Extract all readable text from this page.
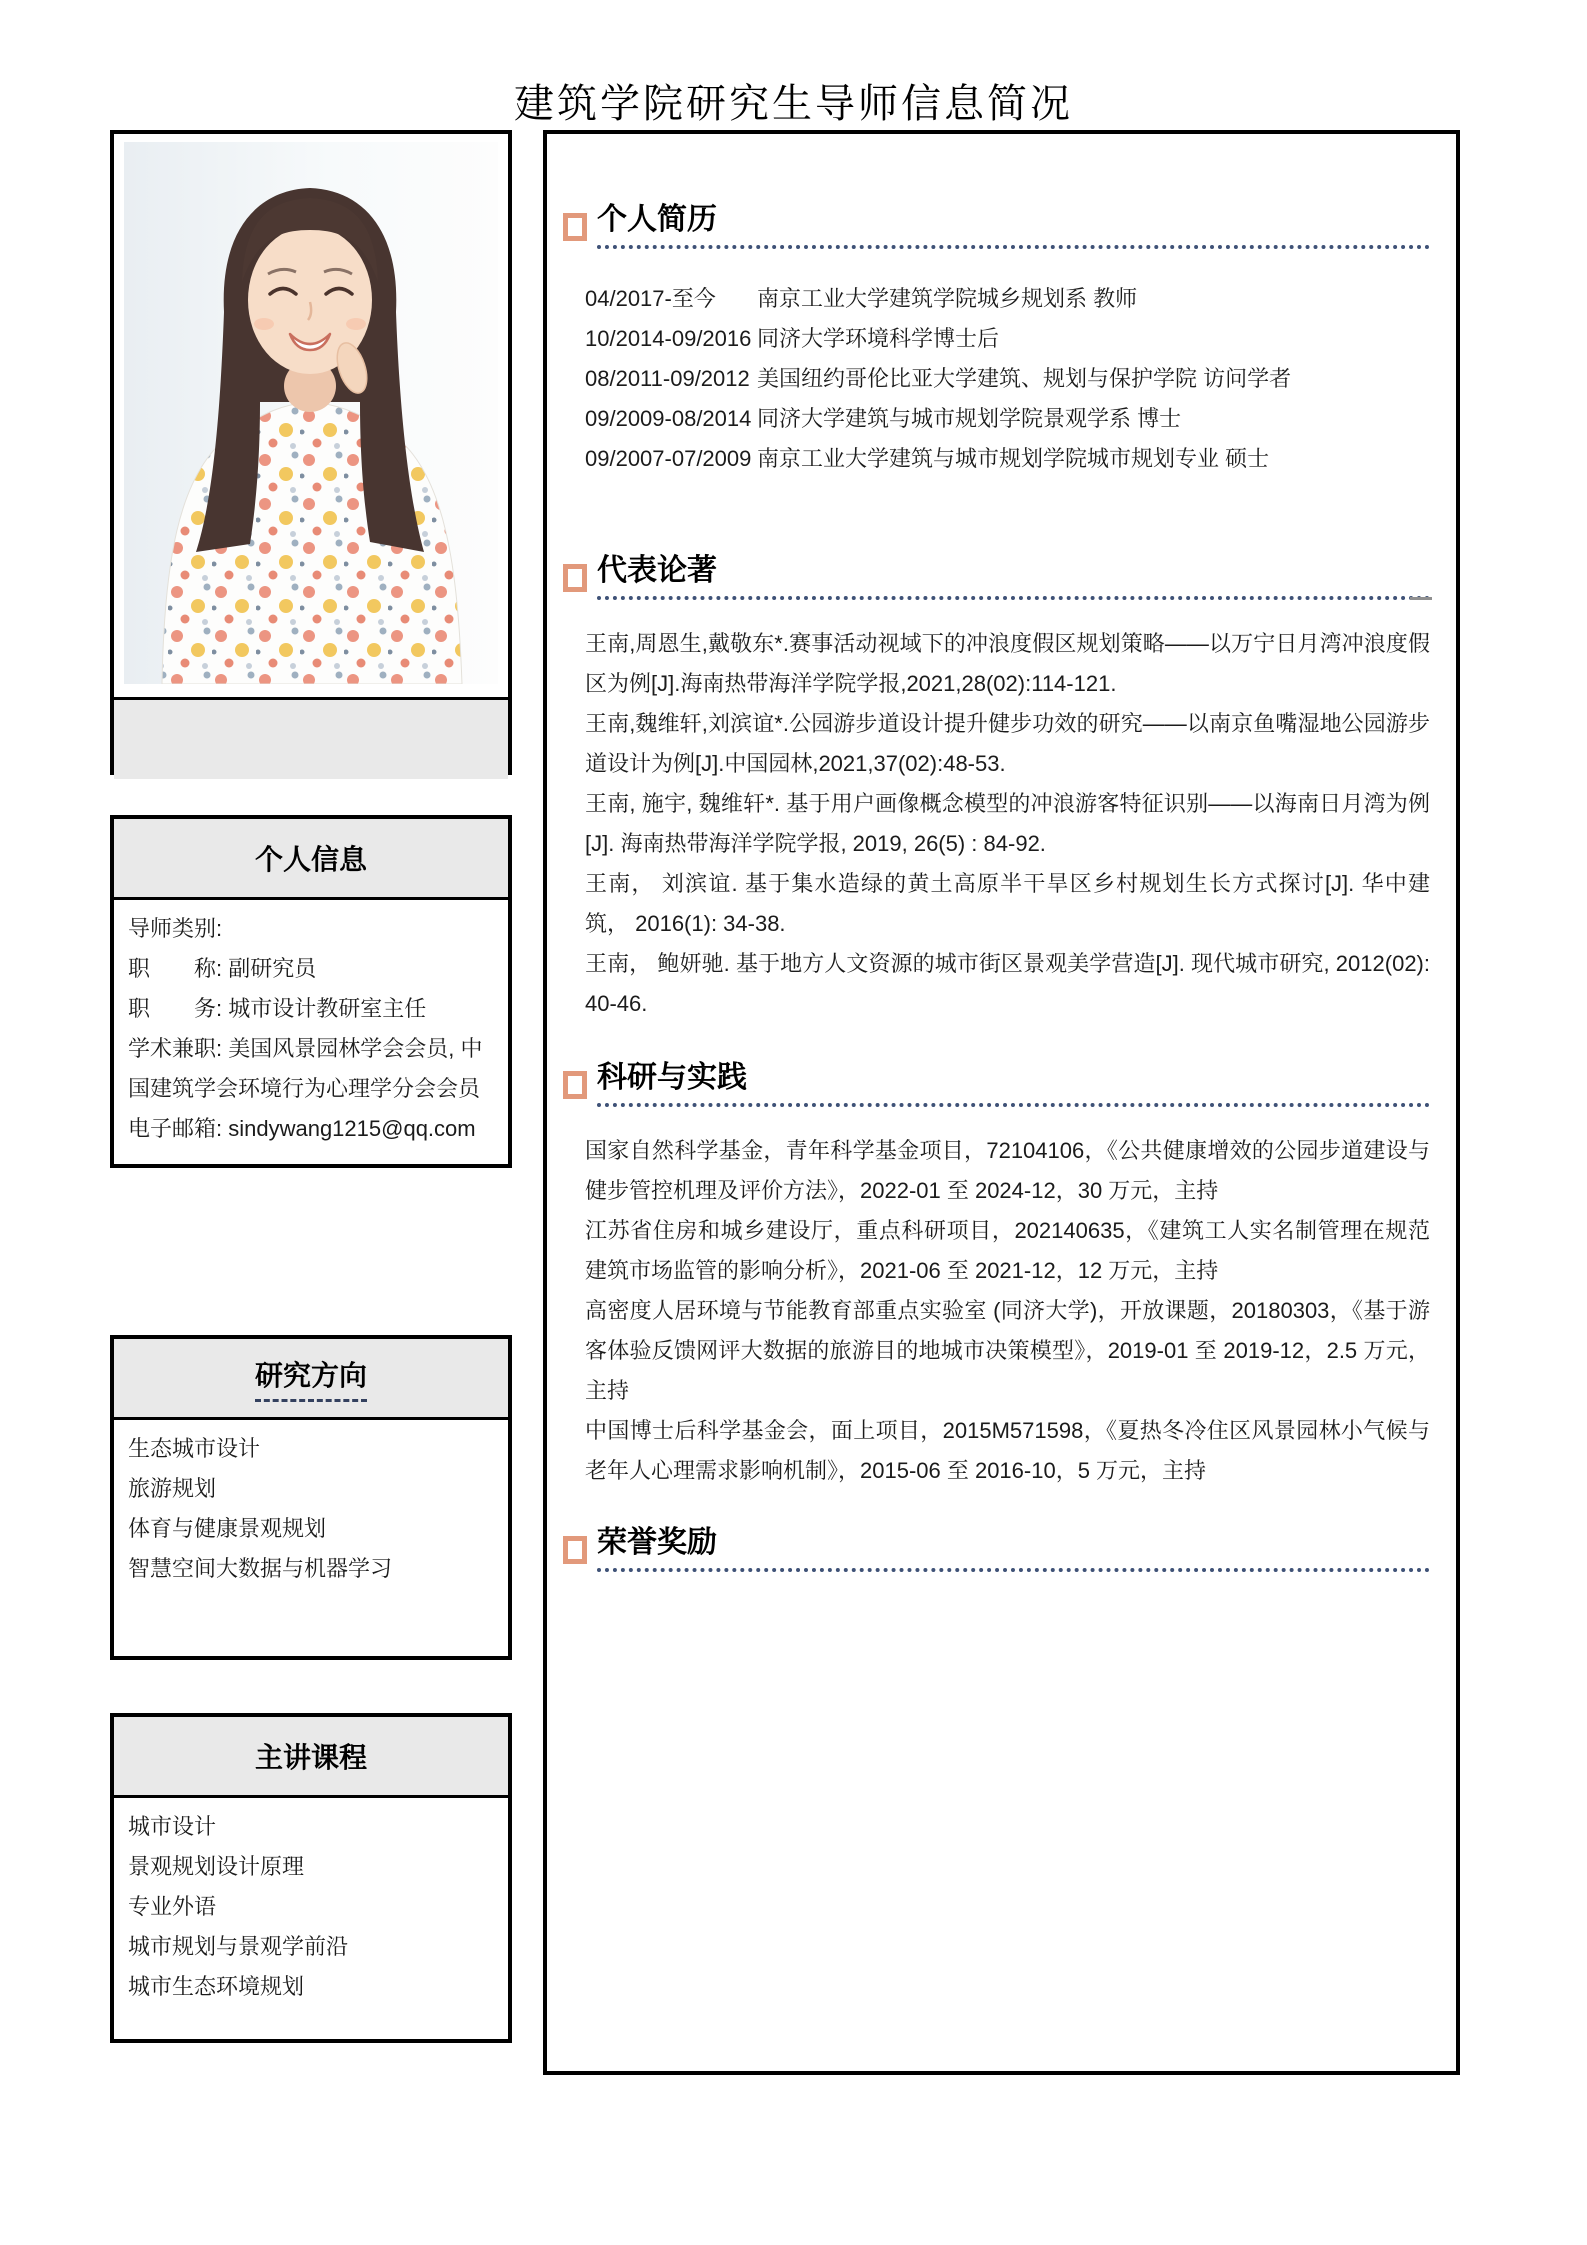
建筑学院研究生导师信息简况
个人信息

导师类别:

职　　称: 副研究员

职　　务: 城市设计教研室主任

学术兼职: 美国风景园林学会会员, 中国建筑学会环境行为心理学分会会员

电子邮箱: sindywang1215@qq.com

研究方向

生态城市设计

旅游规划

体育与健康景观规划

智慧空间大数据与机器学习

主讲课程

城市设计

景观规划设计原理

专业外语

城市规划与景观学前沿

城市生态环境规划

个人简历
04/2017-至今	南京工业大学建筑学院城乡规划系 教师
10/2014-09/2016 同济大学环境科学博士后
08/2011-09/2012 美国纽约哥伦比亚大学建筑、规划与保护学院 访问学者
09/2009-08/2014 同济大学建筑与城市规划学院景观学系 博士
09/2007-07/2009 南京工业大学建筑与城市规划学院城市规划专业 硕士
代表论著

王南,周恩生,戴敬东*.赛事活动视域下的冲浪度假区规划策略——以万宁日月湾冲浪度假区为例[J].海南热带海洋学院学报,2021,28(02):114-121.

王南,魏维轩,刘滨谊*.公园游步道设计提升健步功效的研究——以南京鱼嘴湿地公园游步道设计为例[J].中国园林,2021,37(02):48-53.

王南, 施宇, 魏维轩*. 基于用户画像概念模型的冲浪游客特征识别——以海南日月湾为例[J]. 海南热带海洋学院学报, 2019, 26(5) : 84-92.

王南， 刘滨谊. 基于集水造绿的黄土高原半干旱区乡村规划生长方式探讨[J]. 华中建筑， 2016(1): 34-38.

王南， 鲍妍驰. 基于地方人文资源的城市街区景观美学营造[J]. 现代城市研究, 2012(02): 40-46.

科研与实践

国家自然科学基金，青年科学基金项目，72104106，《公共健康增效的公园步道建设与健步管控机理及评价方法》，2022-01 至 2024-12，30 万元，主持

江苏省住房和城乡建设厅，重点科研项目，202140635，《建筑工人实名制管理在规范建筑市场监管的影响分析》，2021-06 至 2021-12，12 万元，主持

高密度人居环境与节能教育部重点实验室 (同济大学)，开放课题，20180303，《基于游客体验反馈网评大数据的旅游目的地城市决策模型》，2019-01 至 2019-12，2.5 万元，主持

中国博士后科学基金会，面上项目，2015M571598，《夏热冬冷住区风景园林小气候与老年人心理需求影响机制》，2015-06 至 2016-10，5 万元，主持

荣誉奖励
